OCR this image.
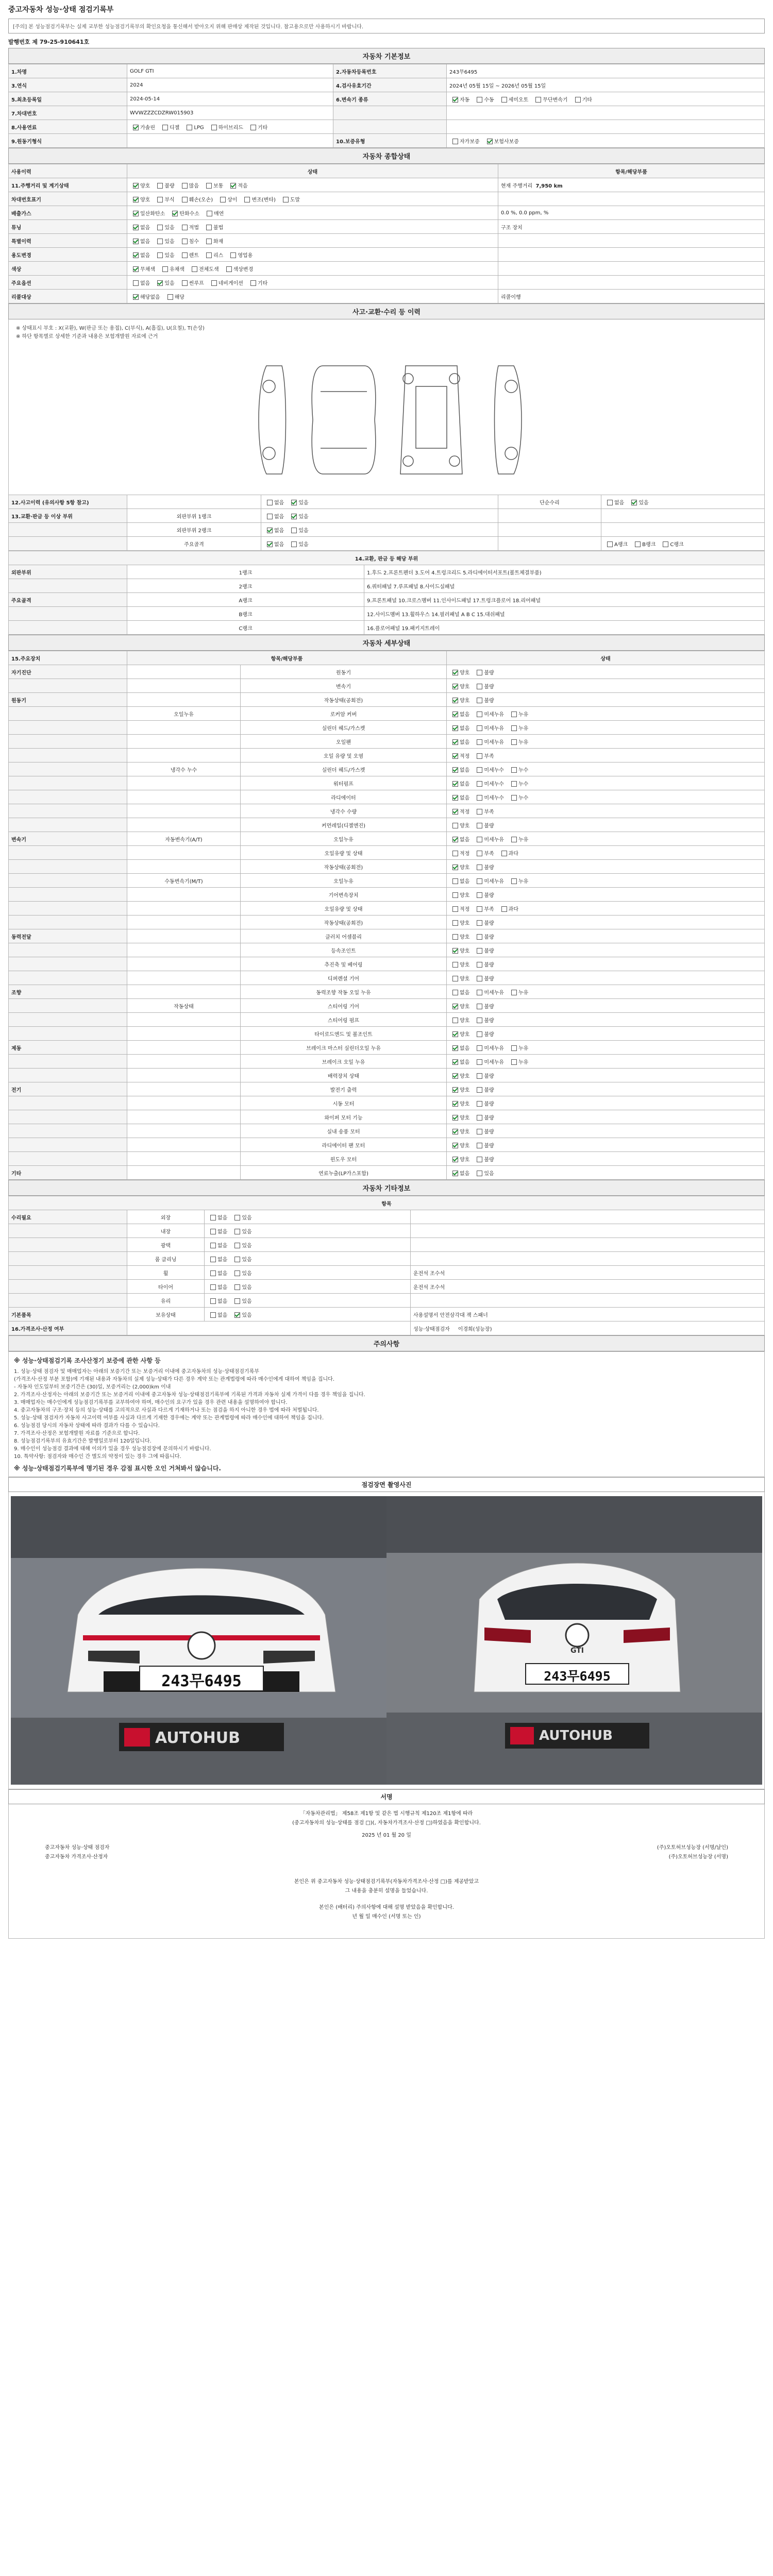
중고자동차 성능·상태 점검기록부
[주의] 본 성능점검기록부는 실제 교부한 성능점검기록부의 확인요청을 통신해서 받아오지 위해 판매상 제작된 것입니다. 참고용으로만 사용하시기 바랍니다.
발행번호 제 79-25-910641호
자동차 기본정보
1.차명	GOLF GTI	2.자동차등록번호	243무6495
3.연식	2024	4.검사유효기간	2024년 05월 15일 ~ 2026년 05월 15일
5.최초등록일	2024-05-14	6.변속기 종류	자동 수동 세미오토 무단변속기 기타
7.차대번호	WVWZZZCDZRW015903		
8.사용연료	가솔린 디젤 LPG 하이브리드 기타		
9.원동기형식		10.보증유형	자가보증 보험사보증
자동차 종합상태
사용이력	상태	항목/해당부품
11.주행거리 및 계기상태	양호 불량 많음 보통 적음	현재 주행거리  7,950 km
차대번호표기	양호 부식 훼손(오손) 상이 변조(변타) 도말	
배출가스	일산화탄소 탄화수소 매연	0.0 %, 0.0 ppm, %
튜닝	없음 있음 적법 불법	구조 장치
특별이력	없음 있음 침수 화재	
용도변경	없음 있음 렌트 리스 영업용	
색상	무채색 유채색 전체도색 색상변경	
주요옵션	없음 있음 썬루프 네비게이션 기타	
리콜대상	해당없음 해당	리콜이행
사고·교환·수리 등 이력
※ 상태표시 부호 : X(교환), W(판금 또는 용접), C(부식), A(흠집), U(요철), T(손상)
※ 하단 항목별로 상세한 기준과 내용은 보험개발원 자료에 근거
12.사고이력 (유의사항 5항 참고)		없음 있음	단순수리	없음 있음
13.교환·판금 등 이상 부위	외판부위 1랭크	없음 있음		
	외판부위 2랭크	없음 있음		
	주요골격	없음 있음		A랭크 B랭크 C랭크
14.교환, 판금 등 해당 부위		
외판부위	1랭크	1.후드 2.프론트펜더 3.도어 4.트렁크리드 5.라디에이터서포트(볼트체결부품)
	2랭크	6.쿼터패널 7.루프패널 8.사이드실패널
주요골격	A랭크	9.프론트패널 10.크로스멤버 11.인사이드패널 17.트렁크플로어 18.리어패널
	B랭크	12.사이드멤버 13.휠하우스 14.필러패널 A B C 15.대쉬패널
	C랭크	16.플로어패널 19.패키지트레이
자동차 세부상태
15.주요장치	항목/해당부품		상태
자기진단		원동기	양호 불량
		변속기	양호 불량
원동기		작동상태(공회전)	양호 불량
	오일누유	로커암 커버	없음 미세누유 누유
		실린더 헤드/가스켓	없음 미세누유 누유
		오일팬	없음 미세누유 누유
		오일 유량 및 오염	적정 부족
	냉각수 누수	실린더 헤드/가스켓	없음 미세누수 누수
		워터펌프	없음 미세누수 누수
		라디에이터	없음 미세누수 누수
		냉각수 수량	적정 부족
		커먼레일(디젤엔진)	양호 불량
변속기	자동변속기(A/T)	오일누유	없음 미세누유 누유
		오일유량 및 상태	적정 부족 과다
		작동상태(공회전)	양호 불량
	수동변속기(M/T)	오일누유	없음 미세누유 누유
		기어변속장치	양호 불량
		오일유량 및 상태	적정 부족 과다
		작동상태(공회전)	양호 불량
동력전달		클러치 어셈블리	양호 불량
		등속조인트	양호 불량
		추진축 및 베어링	양호 불량
		디퍼렌셜 기어	양호 불량
조향		동력조향 작동 오일 누유	없음 미세누유 누유
	작동상태	스티어링 기어	양호 불량
		스티어링 펌프	양호 불량
		타이로드엔드 및 볼조인트	양호 불량
제동		브레이크 마스터 실린더오일 누유	없음 미세누유 누유
		브레이크 오일 누유	없음 미세누유 누유
		배력장치 상태	양호 불량
전기		발전기 출력	양호 불량
		시동 모터	양호 불량
		와이퍼 모터 기능	양호 불량
		실내 송풍 모터	양호 불량
		라디에이터 팬 모터	양호 불량
		윈도우 모터	양호 불량
기타		연료누출(LP가스포함)	없음 있음
자동차 기타정보
항목			
수리필요	외장	없음 있음	
	내장	없음 있음	
	광택	없음 있음	
	룸 클리닝	없음 있음	
	휠	없음 있음	운전석 조수석
	타이어	없음 있음	운전석 조수석
	유리	없음 있음	
기본품목	보유상태	없음 있음	사용설명서 안전삼각대 잭 스패너
16.가격조사·산정 여부			성능·상태점검자 이경희(성능장)
주의사항
※ 성능·상태점검기록 조사산정기 보증에 관한 사항 등
1. 성능·상태 점검자 및 매매업자는 아래의 보증기간 또는 보증거리 이내에 중고자동차의 성능·상태점검기록부
(가격조사·산정 부분 포함)에 기재된 내용과 자동차의 실제 성능·상태가 다른 경우 계약 또는 관계법령에 따라 매수인에게 대하여 책임을 집니다.
- 자동차 인도일부터 보증기간은 (30)일, 보증거리는 (2,000)km 이내
2. 가격조사·산정자는 아래의 보증기간 또는 보증거리 이내에 중고자동차 성능·상태점검기록부에 기록된 가격과 자동차 실제 가격이 다를 경우 책임을 집니다.
3. 매매업자는 매수인에게 성능점검기록부를 교부하여야 하며, 매수인의 요구가 있을 경우 관련 내용을 설명하여야 합니다.
4. 중고자동차의 구조·장치 등의 성능·상태를 고의적으로 사실과 다르게 기재하거나 또는 점검을 하지 아니한 경우 법에 따라 처벌됩니다.
5. 성능·상태 점검자가 자동차 사고이력 여부를 사실과 다르게 기재한 경우에는 계약 또는 관계법령에 따라 매수인에 대하여 책임을 집니다.
6. 성능점검 당시의 자동차 상태에 따라 결과가 다를 수 있습니다.
7. 가격조사·산정은 보험개발원 자료를 기준으로 합니다.
8. 성능점검기록부의 유효기간은 발행일로부터 120일입니다.
9. 매수인이 성능점검 결과에 대해 이의가 있을 경우 성능점검장에 문의하시기 바랍니다.
10. 특약사항: 점검자와 매수인 간 별도의 약정이 있는 경우 그에 따릅니다.
※ 성능·상태점검기록부에 명기된 경우 감점 표시한 오인 거쳐봐서 않습니다.
점검장면 촬영사진
243무6495
AUTOHUB
GTI
243무6495
AUTOHUB
서명
「자동차관리법」 제58조 제1항 및 같은 법 시행규칙 제120조 제1항에 따라
(중고자동차의 성능·상태를 점검 □)(, 자동차가격조사·산정 □)하였음을 확인합니다.
2025 년 01 월 20 일
중고자동차 성능·상태 점검자	(주)오토허브성능장 (서명/날인)
중고자동차 가격조사·산정자	(주)오토허브성능장 (서명)
본인은 위 중고자동차 성능·상태점검기록부(자동차가격조사·산정 □)를 제공받았고
그 내용을 충분히 설명을 들었습니다.
본인은 (배터리) 주의사항에 대해 설명 받았음을 확인합니다.
년 월 일 매수인 (서명 또는 인)
